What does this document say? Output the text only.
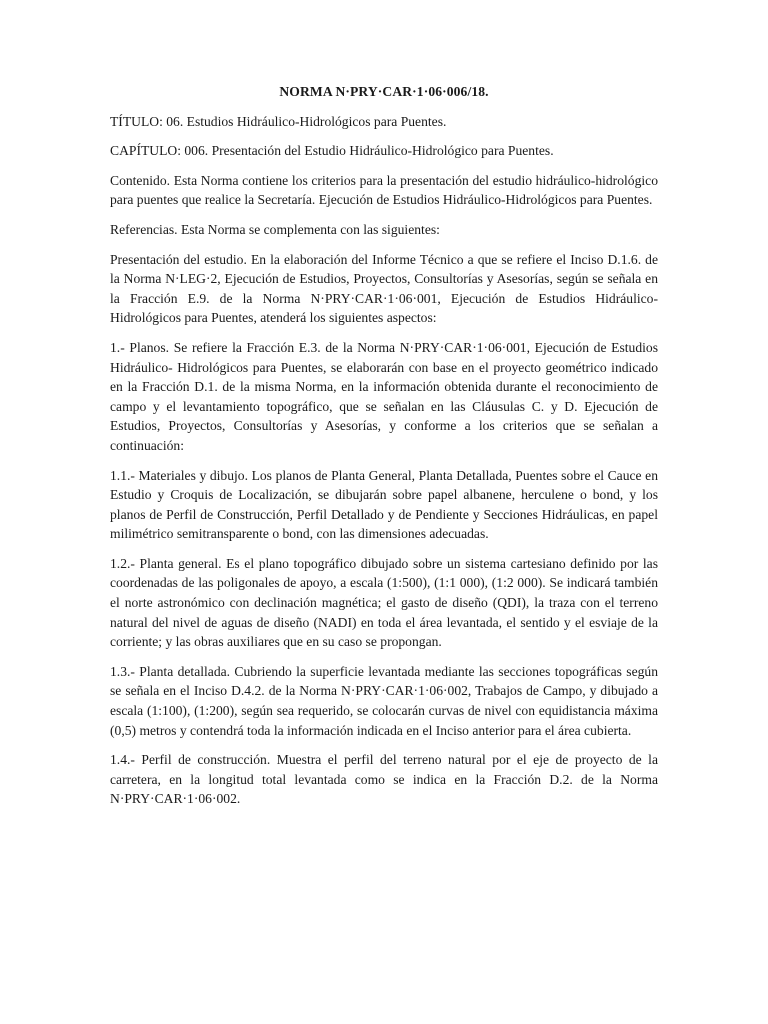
NORMA N·PRY·CAR·1·06·006/18.

TÍTULO: 06. Estudios Hidráulico-Hidrológicos para Puentes.

CAPÍTULO: 006. Presentación del Estudio Hidráulico-Hidrológico para Puentes.

Contenido. Esta Norma contiene los criterios para la presentación del estudio hidráulico-hidrológico para puentes que realice la Secretaría. Ejecución de Estudios Hidráulico-Hidrológicos para Puentes.

Referencias. Esta Norma se complementa con las siguientes:

Presentación del estudio. En la elaboración del Informe Técnico a que se refiere el Inciso D.1.6. de la Norma N·LEG·2, Ejecución de Estudios, Proyectos, Consultorías y Asesorías, según se señala en la Fracción E.9. de la Norma N·PRY·CAR·1·06·001, Ejecución de Estudios Hidráulico-Hidrológicos para Puentes, atenderá los siguientes aspectos:

1.- Planos. Se refiere la Fracción E.3. de la Norma N·PRY·CAR·1·06·001, Ejecución de Estudios Hidráulico- Hidrológicos para Puentes, se elaborarán con base en el proyecto geométrico indicado en la Fracción D.1. de la misma Norma, en la información obtenida durante el reconocimiento de campo y el levantamiento topográfico, que se señalan en las Cláusulas C. y D. Ejecución de Estudios, Proyectos, Consultorías y Asesorías, y conforme a los criterios que se señalan a continuación:

1.1.- Materiales y dibujo. Los planos de Planta General, Planta Detallada, Puentes sobre el Cauce en Estudio y Croquis de Localización, se dibujarán sobre papel albanene, herculene o bond, y los planos de Perfil de Construcción, Perfil Detallado y de Pendiente y Secciones Hidráulicas, en papel milimétrico semitransparente o bond, con las dimensiones adecuadas.

1.2.- Planta general. Es el plano topográfico dibujado sobre un sistema cartesiano definido por las coordenadas de las poligonales de apoyo, a escala (1:500), (1:1 000), (1:2 000). Se indicará también el norte astronómico con declinación magnética; el gasto de diseño (QDI), la traza con el terreno natural del nivel de aguas de diseño (NADI) en toda el área levantada, el sentido y el esviaje de la corriente; y las obras auxiliares que en su caso se propongan.

1.3.- Planta detallada. Cubriendo la superficie levantada mediante las secciones topográficas según se señala en el Inciso D.4.2. de la Norma N·PRY·CAR·1·06·002, Trabajos de Campo, y dibujado a escala (1:100), (1:200), según sea requerido, se colocarán curvas de nivel con equidistancia máxima (0,5) metros y contendrá toda la información indicada en el Inciso anterior para el área cubierta.

1.4.- Perfil de construcción. Muestra el perfil del terreno natural por el eje de proyecto de la carretera, en la longitud total levantada como se indica en la Fracción D.2. de la Norma N·PRY·CAR·1·06·002.
